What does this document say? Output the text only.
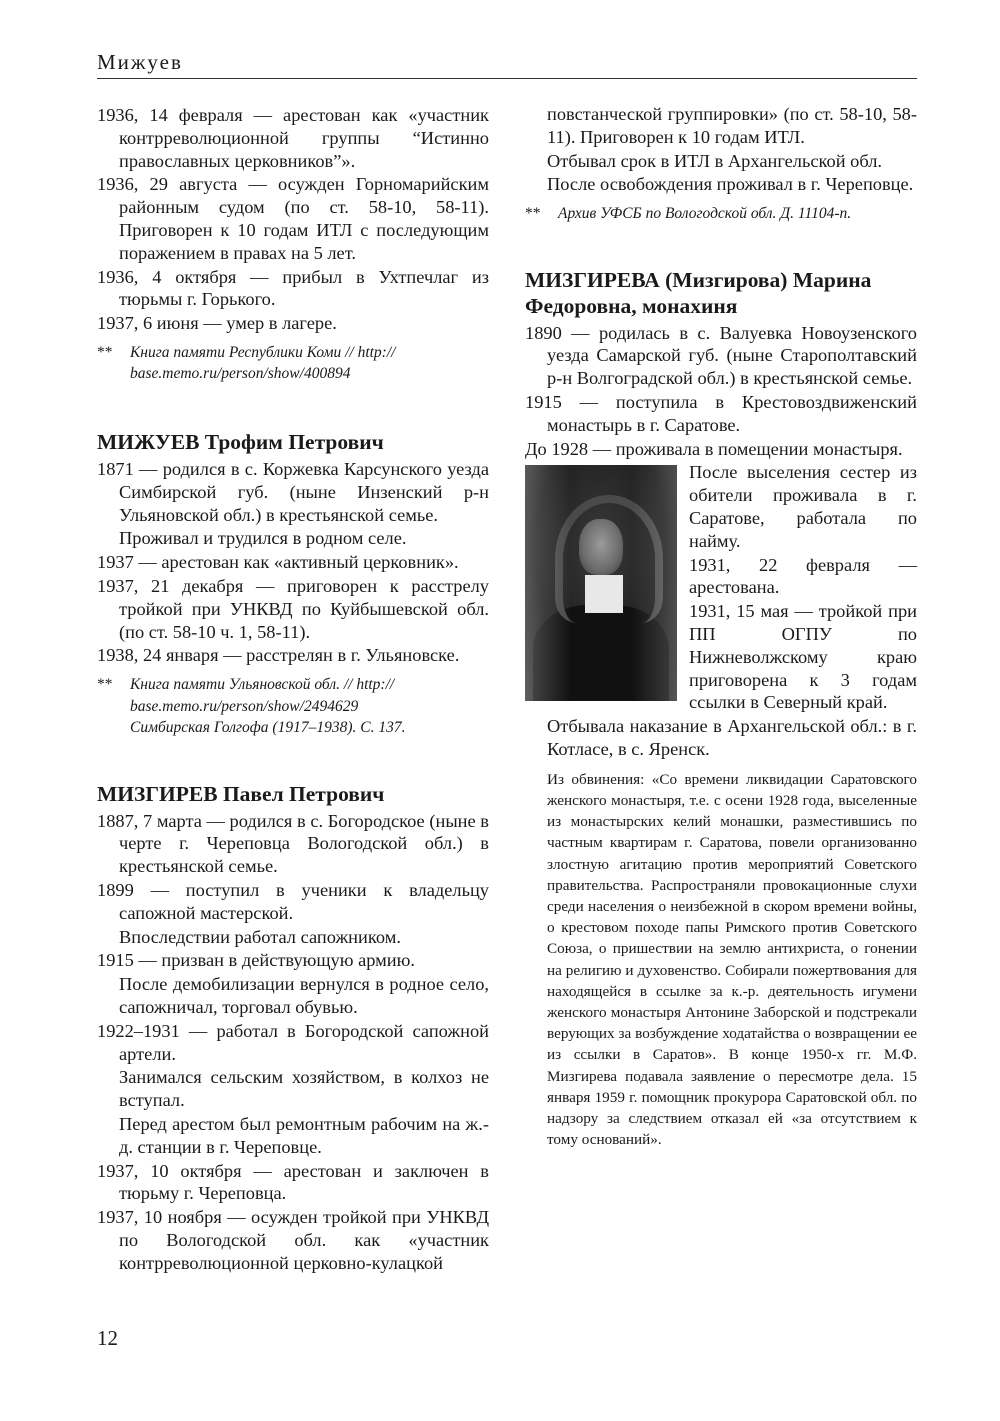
Мижуев

1936, 14 февраля — арестован как «участник контрреволюционной группы “Истинно православных церковников”».

1936, 29 августа — осужден Горномарийским районным судом (по ст. 58-10, 58-11). Приговорен к 10 годам ИТЛ с последующим поражением в правах на 5 лет.

1936, 4 октября — прибыл в Ухтпечлаг из тюрьмы г. Горького.

1937, 6 июня — умер в лагере.

**	Книга памяти Республики Коми // http://
base.memo.ru/person/show/400894
МИЖУЕВ Трофим Петрович

1871 — родился в с. Коржевка Карсунского уезда Симбирской губ. (ныне Инзенский р-н Ульяновской обл.) в крестьянской семье.

Проживал и трудился в родном селе.

1937 — арестован как «активный церковник».

1937, 21 декабря — приговорен к расстрелу тройкой при УНКВД по Куйбышевской обл. (по ст. 58-10 ч. 1, 58-11).

1938, 24 января — расстрелян в г. Ульяновске.

**	Книга памяти Ульяновской обл. // http://
base.memo.ru/person/show/2494629
Симбирская Голгофа (1917–1938). С. 137.
МИЗГИРЕВ Павел Петрович

1887, 7 марта — родился в с. Богородское (ныне в черте г. Череповца Вологодской обл.) в крестьянской семье.

1899 — поступил в ученики к владельцу сапожной мастерской.

Впоследствии работал сапожником.

1915 — призван в действующую армию.

После демобилизации вернулся в родное село, сапожничал, торговал обувью.

1922–1931 — работал в Богородской сапожной артели.

Занимался сельским хозяйством, в колхоз не вступал.

Перед арестом был ремонтным рабочим на ж.-д. станции в г. Череповце.

1937, 10 октября — арестован и заключен в тюрьму г. Череповца.

1937, 10 ноября — осужден тройкой при УНКВД по Вологодской обл. как «участник контрреволюционной церковно-кулацкой

повстанческой группировки» (по ст. 58-10, 58-11). Приговорен к 10 годам ИТЛ.

Отбывал срок в ИТЛ в Архангельской обл.

После освобождения проживал в г. Череповце.

**	Архив УФСБ по Вологодской обл. Д. 11104-п.
МИЗГИРЕВА (Мизгирова) Марина Федоровна, монахиня

1890 — родилась в с. Валуевка Новоузенского уезда Самарской губ. (ныне Старополтавский р-н Волгоградской обл.) в крестьянской семье.

1915 — поступила в Крестовоздвиженский монастырь в г. Саратове.

До 1928 — проживала в помещении монастыря.

После выселения сестер из обители проживала в г. Саратове, работала по найму.

1931, 22 февраля — арестована.

1931, 15 мая — тройкой при ПП ОГПУ по Нижневолжскому краю приговорена к 3 годам ссылки в Северный край.

Отбывала наказание в Архангельской обл.: в г. Котласе, в с. Яренск.

Из обвинения: «Со времени ликвидации Саратовского женского монастыря, т.е. с осени 1928 года, выселенные из монастырских келий монашки, разместившись по частным квартирам г. Саратова, повели организованно злостную агитацию против мероприятий Советского правительства. Распространяли провокационные слухи среди населения о неизбежной в скором времени войны, о крестовом походе папы Римского против Советского Союза, о пришествии на землю антихриста, о гонении на религию и духовенство. Собирали пожертвования для находящейся в ссылке за к.-р. деятельность игумени женского монастыря Антонине Заборской и подстрекали верующих за возбуждение ходатайства о возвращении ее из ссылки в Саратов». В конце 1950-х гг. М.Ф. Мизгирева подавала заявление о пересмотре дела. 15 января 1959 г. помощник прокурора Саратовской обл. по надзору за следствием отказал ей «за отсутствием к тому оснований».

12
